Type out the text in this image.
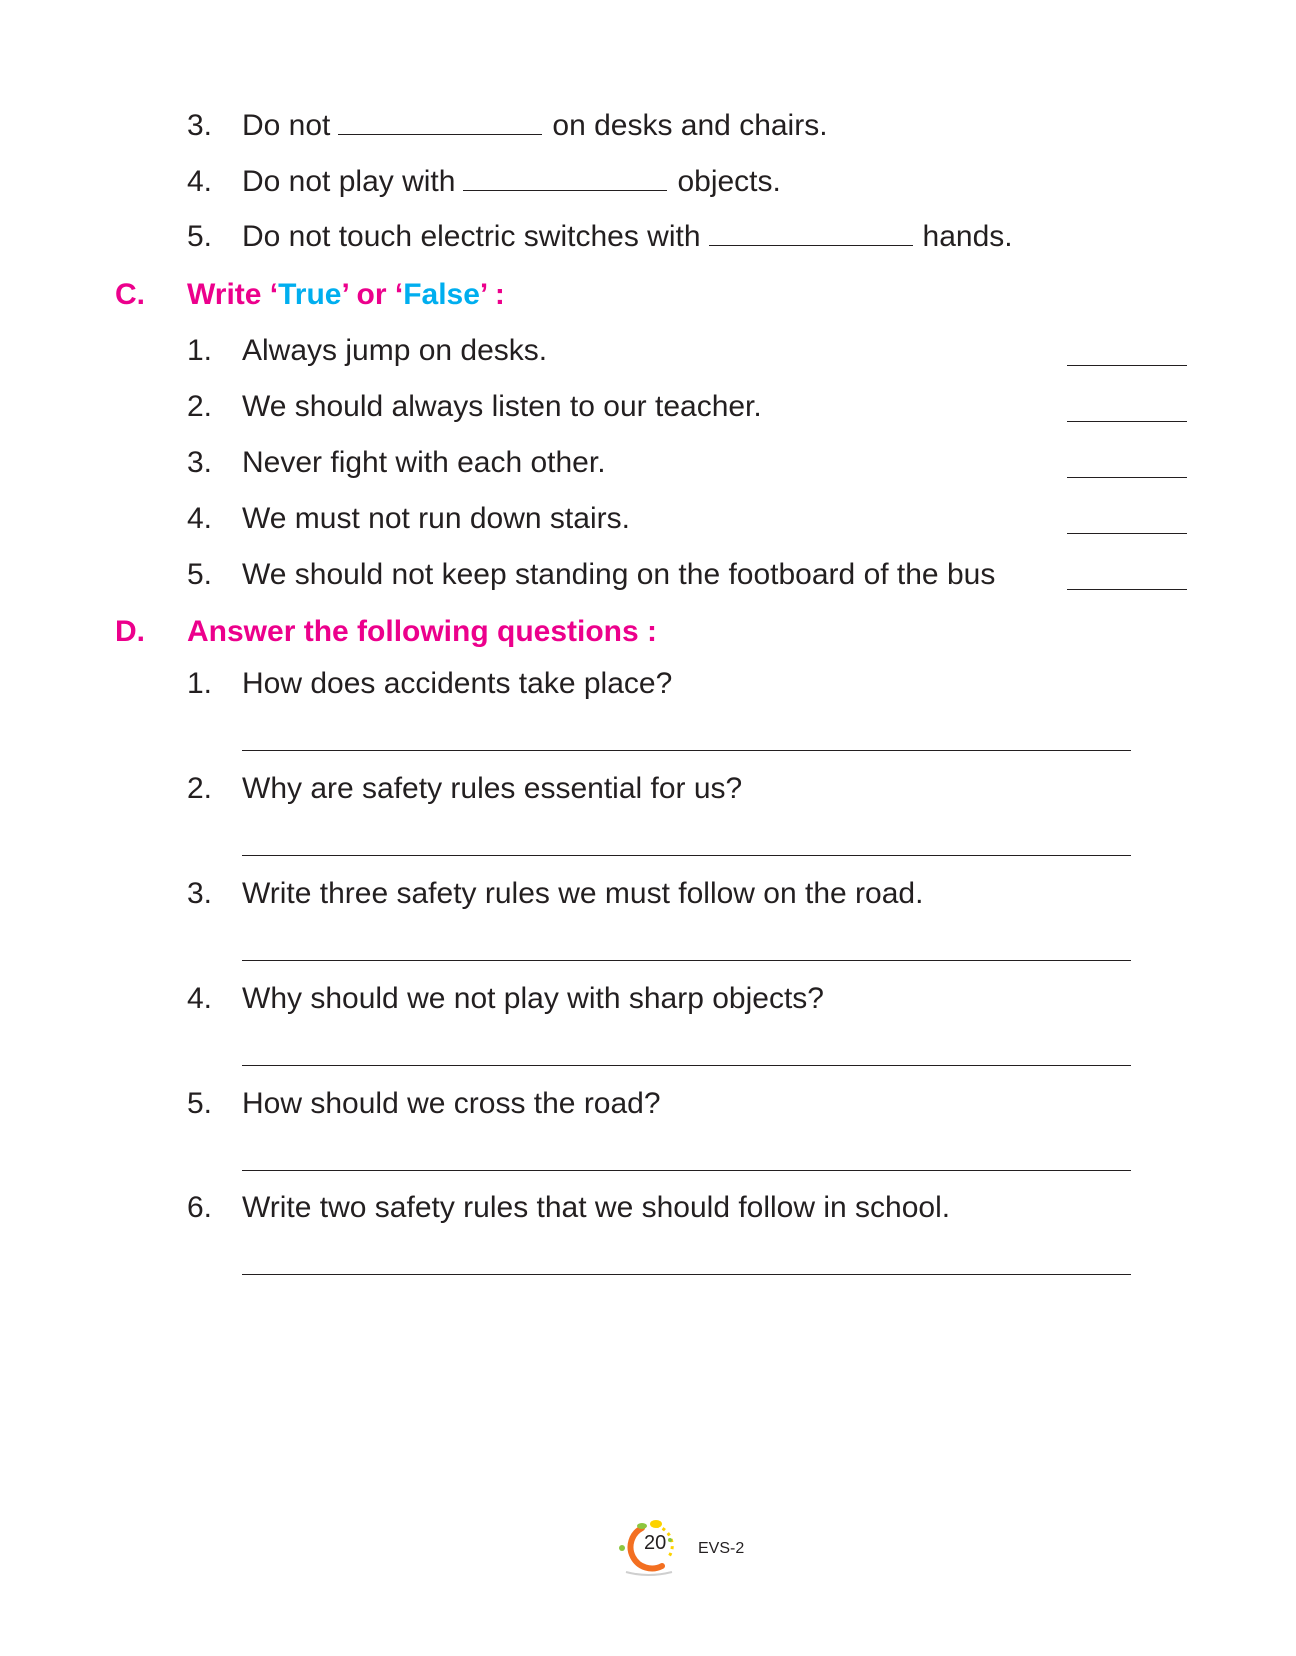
3. Do not	on desks and chairs.
4. Do not play with	objects.
5. Do not touch electric switches with	hands.
C. Write ‘True’ or ‘False’ :
1. Always jump on desks.
2. We should always listen to our teacher.
3. Never fight with each other.
4. We must not run down stairs.
5. We should not keep standing on the footboard of the bus
D. Answer the following questions :
1. How does accidents take place?
2. Why are safety rules essential for us?
3. Write three safety rules we must follow on the road.
4. Why should we not play with sharp objects?
5. How should we cross the road?
6. Write two safety rules that we should follow in school.
20 EVS-2
